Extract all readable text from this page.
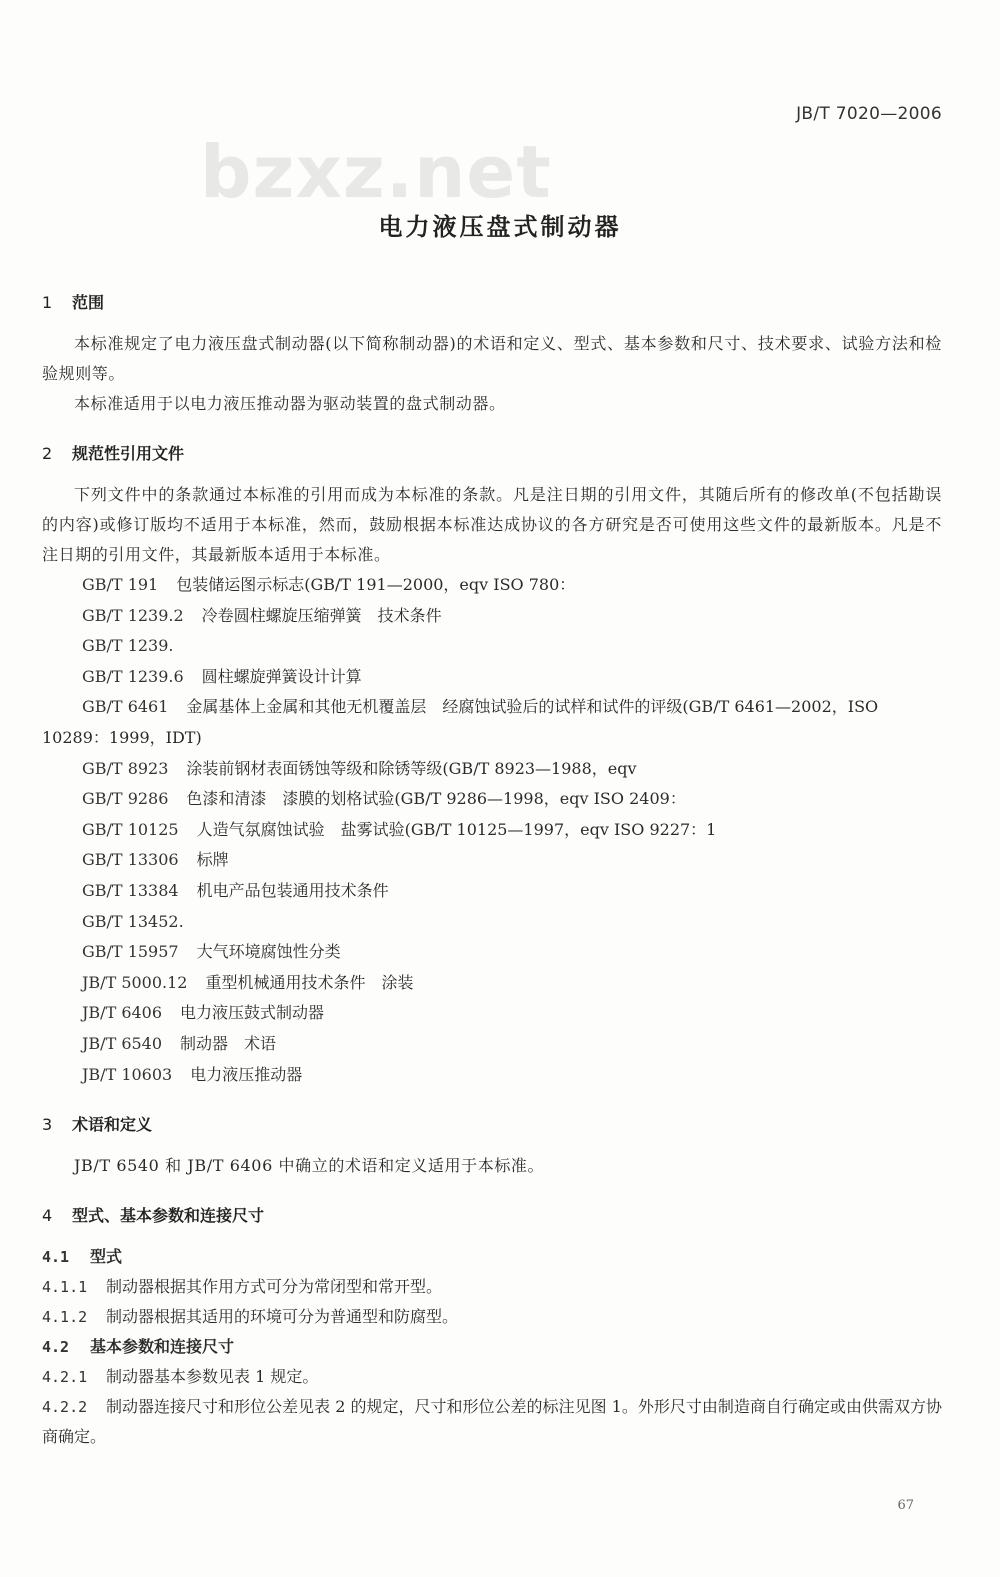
JB/T 7020—2006
bzxz.net
电力液压盘式制动器
1 范围

本标准规定了电力液压盘式制动器(以下简称制动器)的术语和定义、型式、基本参数和尺寸、技术要求、试验方法和检验规则等。

本标准适用于以电力液压推动器为驱动装置的盘式制动器。

2 规范性引用文件

下列文件中的条款通过本标准的引用而成为本标准的条款。凡是注日期的引用文件，其随后所有的修改单(不包括勘误的内容)或修订版均不适用于本标准，然而，鼓励根据本标准达成协议的各方研究是否可使用这些文件的最新版本。凡是不注日期的引用文件，其最新版本适用于本标准。

GB/T 191 包装储运图示标志(GB/T 191—2000，eqv ISO 780：

GB/T 1239.2 冷卷圆柱螺旋压缩弹簧　技术条件

GB/T 1239.

GB/T 1239.6 圆柱螺旋弹簧设计计算

GB/T 6461 金属基体上金属和其他无机覆盖层　经腐蚀试验后的试样和试件的评级(GB/T 6461—2002，ISO 10289：1999，IDT)

GB/T 8923 涂装前钢材表面锈蚀等级和除锈等级(GB/T 8923—1988，eqv

GB/T 9286 色漆和清漆　漆膜的划格试验(GB/T 9286—1998，eqv ISO 2409：

GB/T 10125 人造气氛腐蚀试验　盐雾试验(GB/T 10125—1997，eqv ISO 9227：1

GB/T 13306 标牌

GB/T 13384 机电产品包装通用技术条件

GB/T 13452.

GB/T 15957 大气环境腐蚀性分类

JB/T 5000.12 重型机械通用技术条件　涂装

JB/T 6406 电力液压鼓式制动器

JB/T 6540 制动器　术语

JB/T 10603 电力液压推动器

3 术语和定义

JB/T 6540 和 JB/T 6406 中确立的术语和定义适用于本标准。

4 型式、基本参数和连接尺寸

4.1 型式

4.1.1 制动器根据其作用方式可分为常闭型和常开型。

4.1.2 制动器根据其适用的环境可分为普通型和防腐型。

4.2 基本参数和连接尺寸

4.2.1 制动器基本参数见表 1 规定。

4.2.2 制动器连接尺寸和形位公差见表 2 的规定，尺寸和形位公差的标注见图 1。外形尺寸由制造商自行确定或由供需双方协商确定。

67
